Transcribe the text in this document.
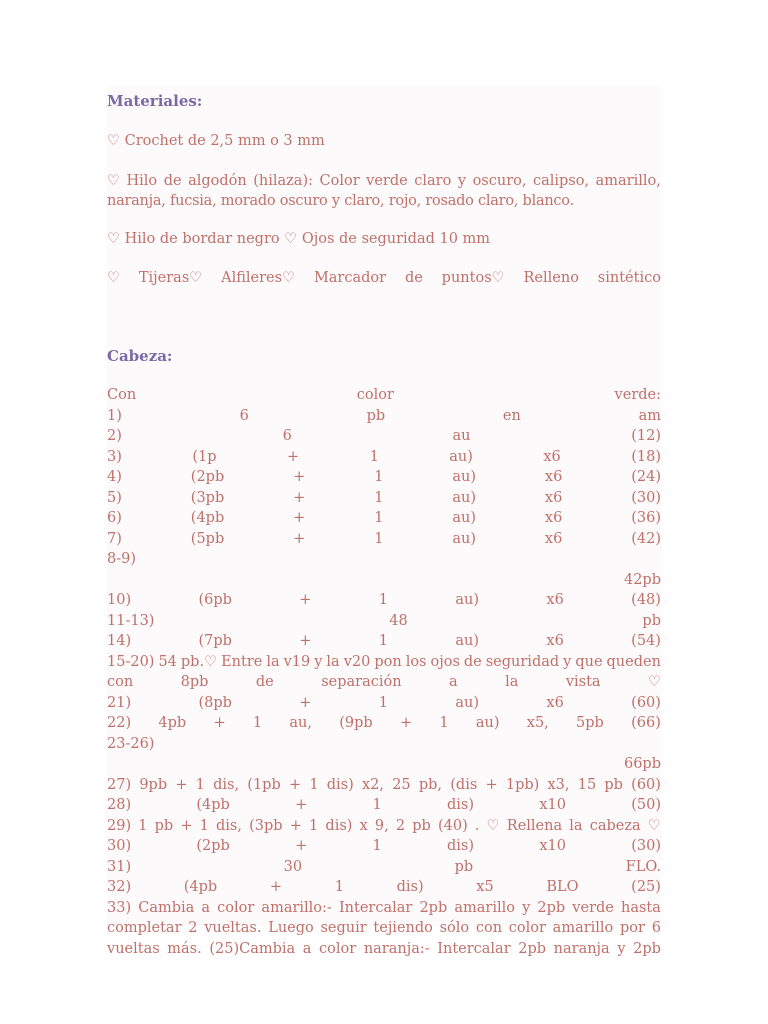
Materiales:
♡ Crochet de 2,5 mm o 3 mm
♡ Hilo de algodón (hilaza): Color verde claro y oscuro, calipso, amarillo,
naranja, fucsia, morado oscuro y claro, rojo, rosado claro, blanco.
♡ Hilo de bordar negro ♡ Ojos de seguridad 10 mm
♡ Tijeras♡ Alfileres♡ Marcador de puntos♡ Relleno sintético
Cabeza:
Con	color	verde:
1)	6	pb	en	am
2)	6	au	(12)
3)	(1p	+	1	au)	x6	(18)
4)	(2pb	+	1	au)	x6	(24)
5)	(3pb	+	1	au)	x6	(30)
6)	(4pb	+	1	au)	x6	(36)
7)	(5pb	+	1	au)	x6	(42)
8-9)
42pb
10)	(6pb	+	1	au)	x6	(48)
11-13)	48	pb
14)	(7pb	+	1	au)	x6	(54)
15-20) 54 pb.♡ Entre la v19 y la v20 pon los ojos de seguridad y que queden
con	8pb	de	separación	a	la	vista	♡
21)	(8pb	+	1	au)	x6	(60)
22) 4pb + 1 au, (9pb + 1 au) x5, 5pb (66)
23-26)
66pb
27) 9pb + 1 dis, (1pb + 1 dis) x2, 25 pb, (dis + 1pb) x3, 15 pb (60)
28)	(4pb	+	1	dis)	x10	(50)
29) 1 pb + 1 dis, (3pb + 1 dis) x 9, 2 pb (40) . ♡ Rellena la cabeza ♡
30)	(2pb	+	1	dis)	x10	(30)
31)	30	pb	FLO.
32)	(4pb	+	1	dis)	x5	BLO	(25)
33) Cambia a color amarillo:- Intercalar 2pb amarillo y 2pb verde hasta
completar 2 vueltas. Luego seguir tejiendo sólo con color amarillo por 6
vueltas más. (25)Cambia a color naranja:- Intercalar 2pb naranja y 2pb
